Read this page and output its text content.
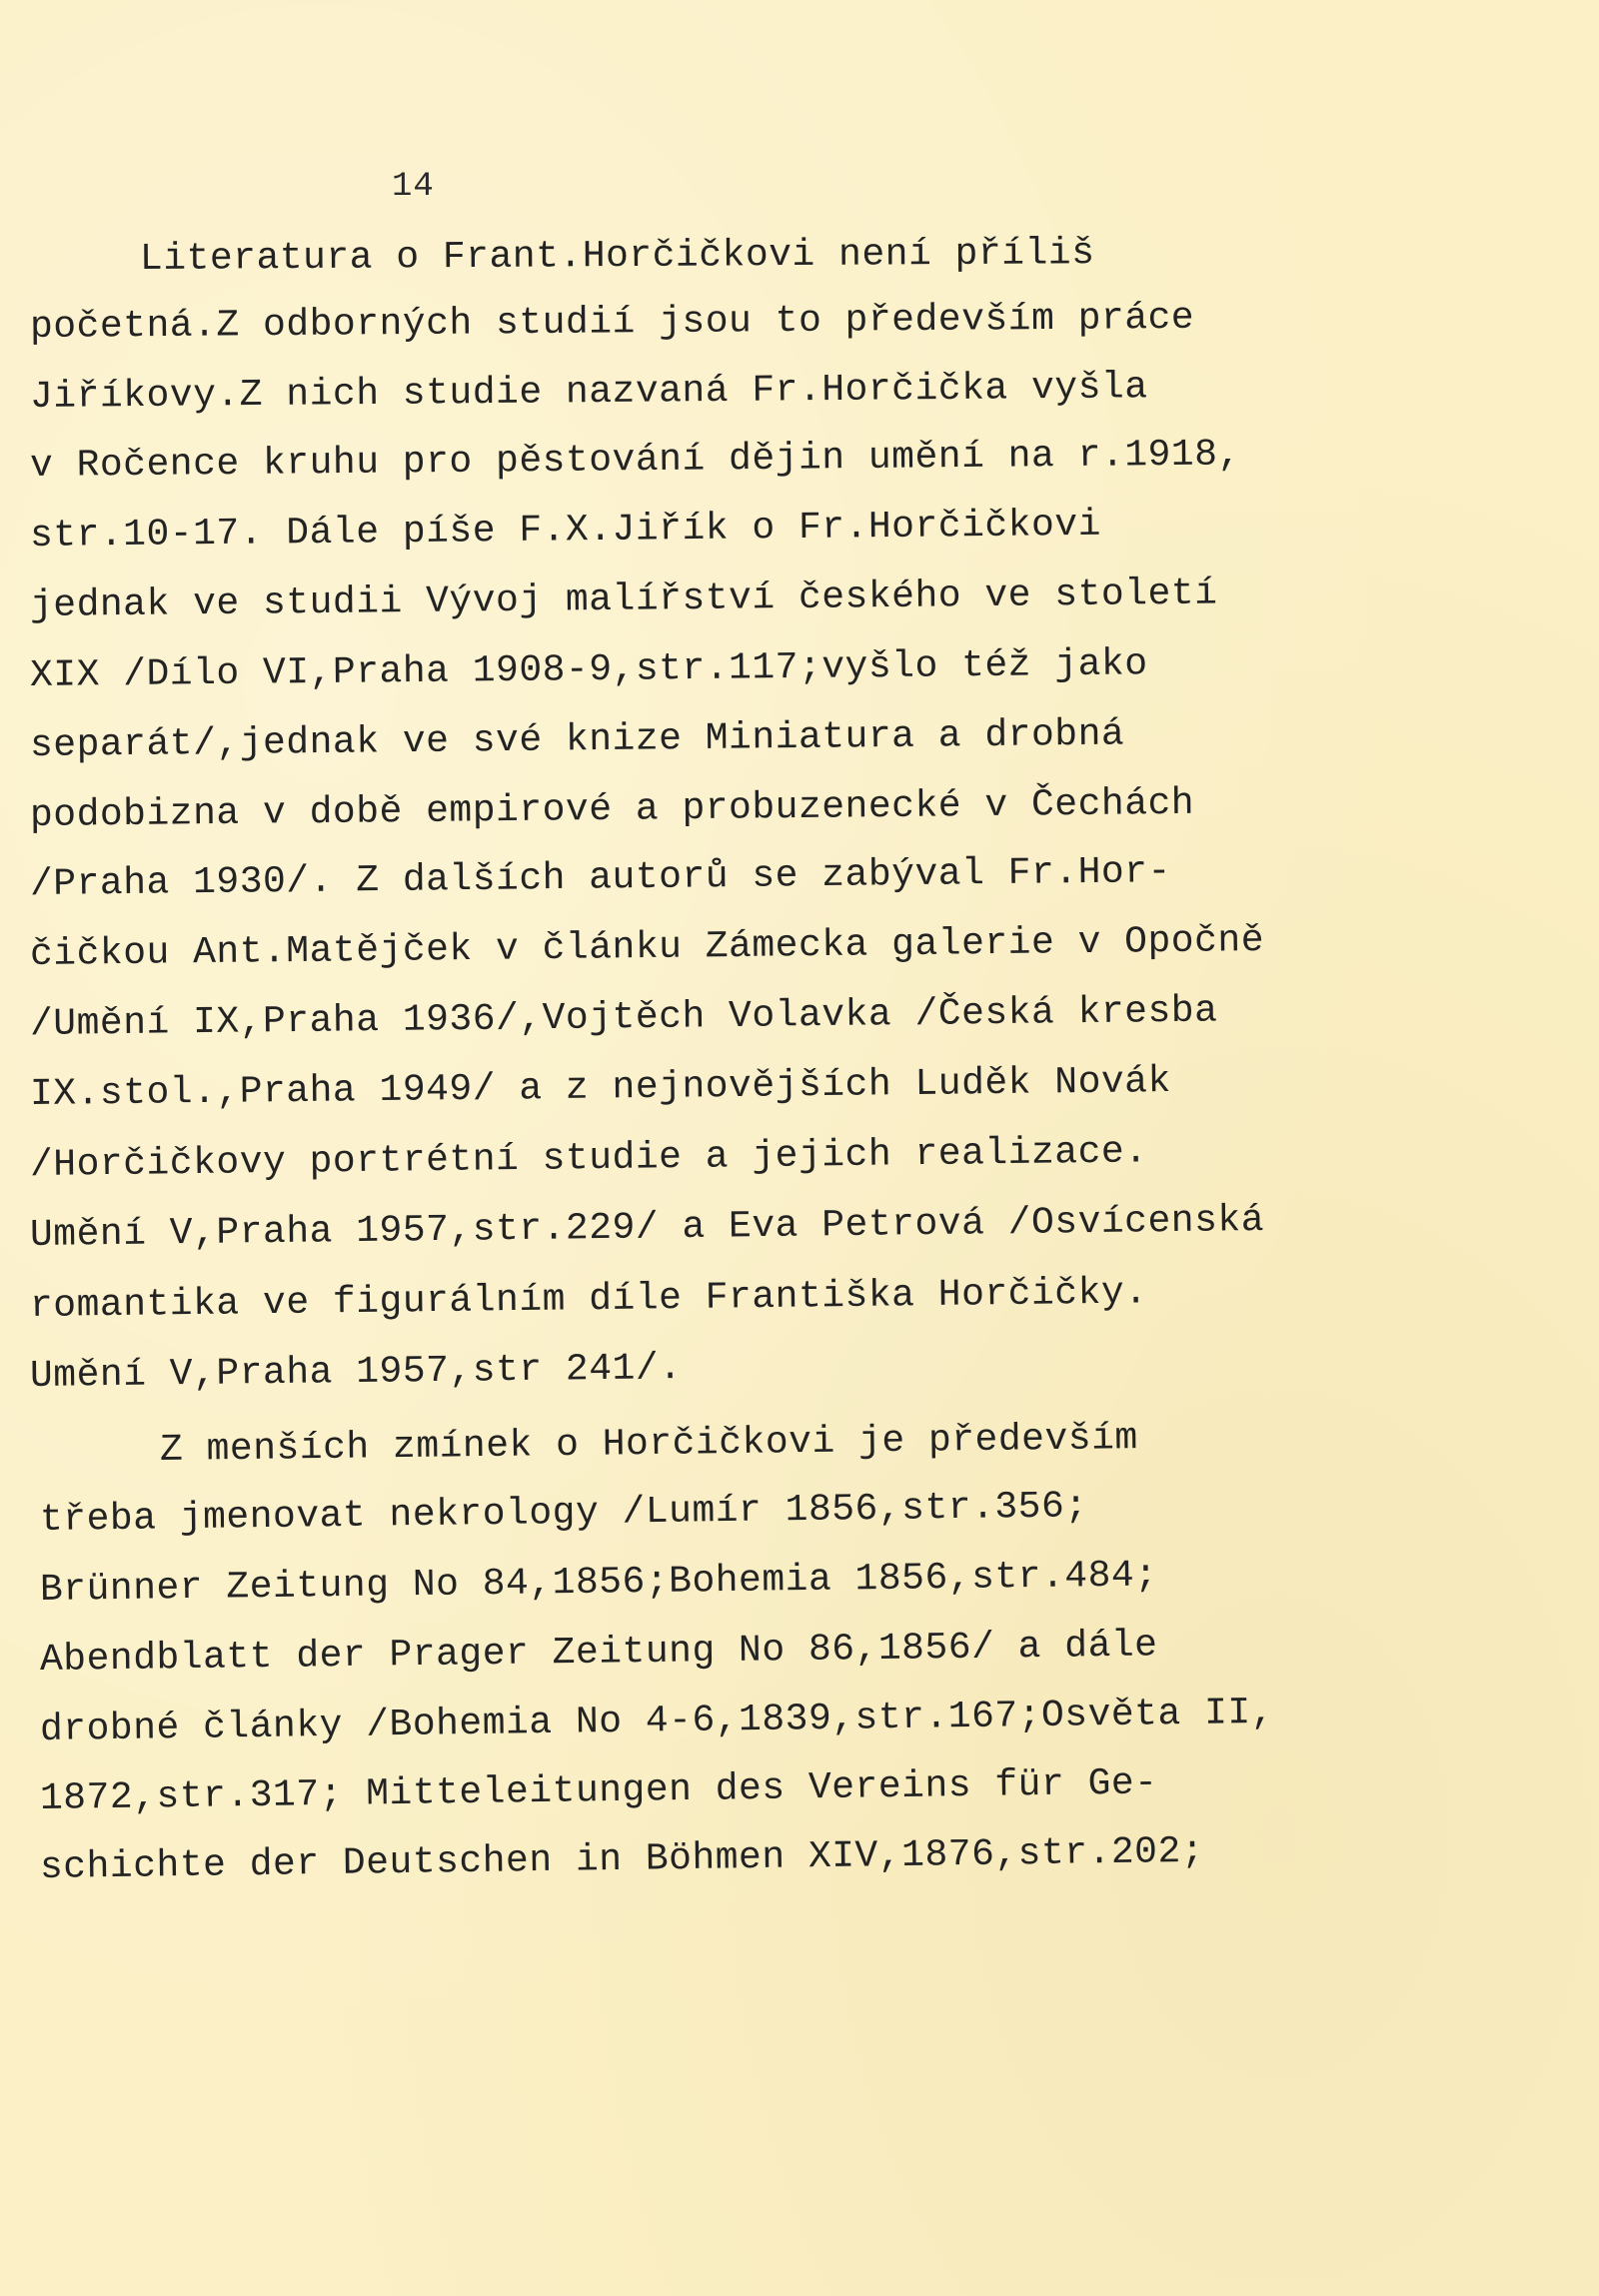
14
Literatura o Frant.Horčičkovi není příliš
početná.Z odborných studií jsou to především práce
Jiříkovy.Z nich studie nazvaná Fr.Horčička vyšla
v Ročence kruhu pro pěstování dějin umění na r.1918,
str.10-17. Dále píše F.X.Jiřík o Fr.Horčičkovi
jednak ve studii Vývoj malířství českého ve století
XIX /Dílo VI,Praha 1908-9,str.117;vyšlo též jako
separát/,jednak ve své knize Miniatura a drobná
podobizna v době empirové a probuzenecké v Čechách
/Praha 1930/. Z dalších autorů se zabýval Fr.Hor-
čičkou Ant.Matějček v článku Zámecka galerie v Opočně
/Umění IX,Praha 1936/,Vojtěch Volavka /Česká kresba
IX.stol.,Praha 1949/ a z nejnovějších Luděk Novák
/Horčičkovy portrétní studie a jejich realizace.
Umění V,Praha 1957,str.229/ a Eva Petrová /Osvícenská
romantika ve figurálním díle Františka Horčičky.
Umění V,Praha 1957,str 241/.
Z menších zmínek o Horčičkovi je především
třeba jmenovat nekrology /Lumír 1856,str.356;
Brünner Zeitung No 84,1856;Bohemia 1856,str.484;
Abendblatt der Prager Zeitung No 86,1856/ a dále
drobné články /Bohemia No 4-6,1839,str.167;Osvěta II,
1872,str.317; Mitteleitungen des Vereins für Ge-
schichte der Deutschen in Böhmen XIV,1876,str.202;
